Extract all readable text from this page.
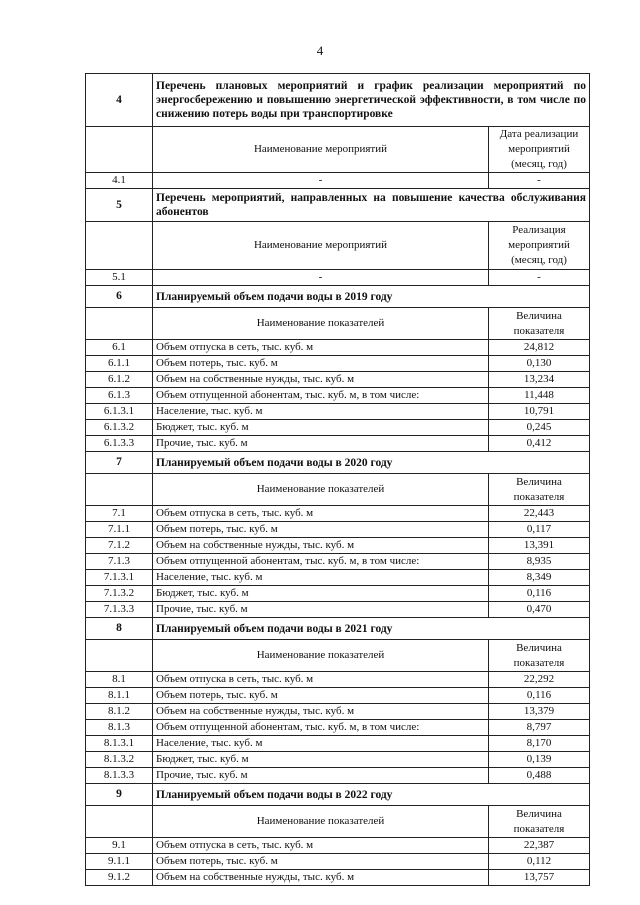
4
4	Перечень плановых мероприятий и график реализации мероприятий по энергосбережению и повышению энергетической эффективности, в том числе по снижению потерь воды при транспортировке	
	Наименование мероприятий	Дата реализации мероприятий (месяц, год)
4.1	-	-
5	Перечень мероприятий, направленных на повышение качества обслуживания абонентов	
	Наименование мероприятий	Реализация мероприятий (месяц, год)
5.1	-	-
6	Планируемый объем подачи воды в 2019 году	
	Наименование показателей	Величина показателя
6.1	Объем отпуска в сеть, тыс. куб. м	24,812
6.1.1	Объем потерь, тыс. куб. м	0,130
6.1.2	Объем на собственные нужды, тыс. куб. м	13,234
6.1.3	Объем отпущенной абонентам, тыс. куб. м, в том числе:	11,448
6.1.3.1	Население, тыс. куб. м	10,791
6.1.3.2	Бюджет, тыс. куб. м	0,245
6.1.3.3	Прочие, тыс. куб. м	0,412
7	Планируемый объем подачи воды в 2020 году	
	Наименование показателей	Величина показателя
7.1	Объем отпуска в сеть, тыс. куб. м	22,443
7.1.1	Объем потерь, тыс. куб. м	0,117
7.1.2	Объем на собственные нужды, тыс. куб. м	13,391
7.1.3	Объем отпущенной абонентам, тыс. куб. м, в том числе:	8,935
7.1.3.1	Население, тыс. куб. м	8,349
7.1.3.2	Бюджет, тыс. куб. м	0,116
7.1.3.3	Прочие, тыс. куб. м	0,470
8	Планируемый объем подачи воды в 2021 году	
	Наименование показателей	Величина показателя
8.1	Объем отпуска в сеть, тыс. куб. м	22,292
8.1.1	Объем потерь, тыс. куб. м	0,116
8.1.2	Объем на собственные нужды, тыс. куб. м	13,379
8.1.3	Объем отпущенной абонентам, тыс. куб. м, в том числе:	8,797
8.1.3.1	Население, тыс. куб. м	8,170
8.1.3.2	Бюджет, тыс. куб. м	0,139
8.1.3.3	Прочие, тыс. куб. м	0,488
9	Планируемый объем подачи воды в 2022 году	
	Наименование показателей	Величина показателя
9.1	Объем отпуска в сеть, тыс. куб. м	22,387
9.1.1	Объем потерь, тыс. куб. м	0,112
9.1.2	Объем на собственные нужды, тыс. куб. м	13,757
